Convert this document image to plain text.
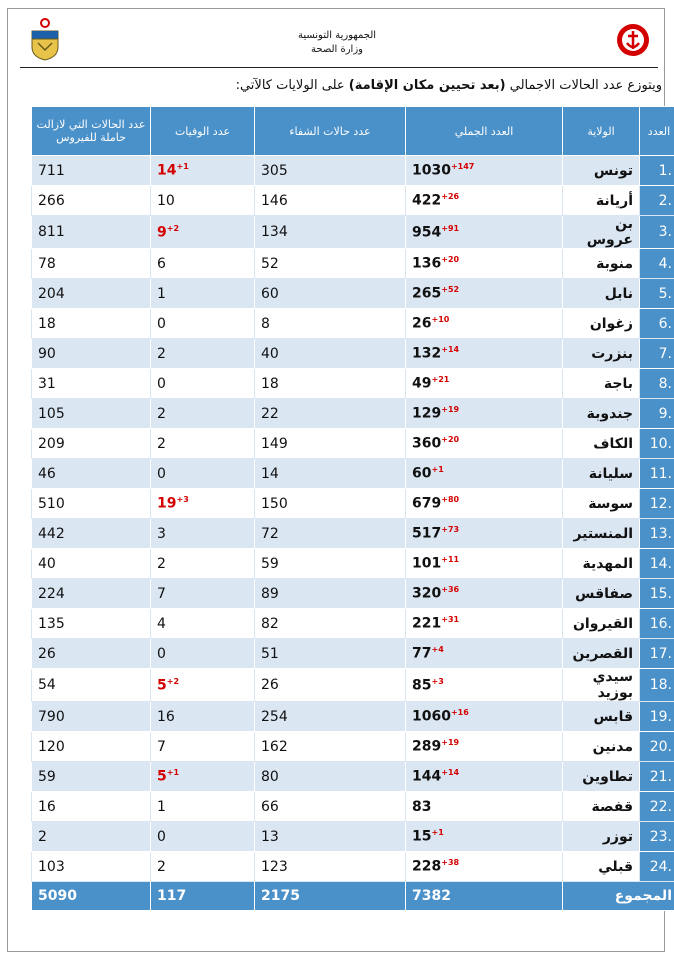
الجمهورية التونسية
وزارة الصحة
ويتوزع عدد الحالات الاجمالي (بعد تحيين مكان الإقامة) على الولايات كالآتي:
العدد	الولاية	العدد الجملي	عدد حالات الشفاء	عدد الوفيات	عدد الحالات التي لازالت حاملة للفيروس
.1	تونس	$1030^{+147}$	305	$14^{+1}$	711
.2	أريانة	$422^{+26}$	146	10	266
.3	بن عروس	$954^{+91}$	134	$9^{+2}$	811
.4	منوبة	$136^{+20}$	52	6	78
.5	نابل	$265^{+52}$	60	1	204
.6	زغوان	$26^{+10}$	8	0	18
.7	بنزرت	$132^{+14}$	40	2	90
.8	باجة	$49^{+21}$	18	0	31
.9	جندوبة	$129^{+19}$	22	2	105
.10	الكاف	$360^{+20}$	149	2	209
.11	سليانة	$60^{+1}$	14	0	46
.12	سوسة	$679^{+80}$	150	$19^{+3}$	510
.13	المنستير	$517^{+73}$	72	3	442
.14	المهدية	$101^{+11}$	59	2	40
.15	صفاقس	$320^{+36}$	89	7	224
.16	القيروان	$221^{+31}$	82	4	135
.17	القصرين	$77^{+4}$	51	0	26
.18	سيدي بوزيد	$85^{+3}$	26	$5^{+2}$	54
.19	قابس	$1060^{+16}$	254	16	790
.20	مدنين	$289^{+19}$	162	7	120
.21	تطاوين	$144^{+14}$	80	$5^{+1}$	59
.22	قفصة	83	66	1	16
.23	توزر	$15^{+1}$	13	0	2
.24	قبلي	$228^{+38}$	123	2	103
المجموع		7382	2175	117	5090
